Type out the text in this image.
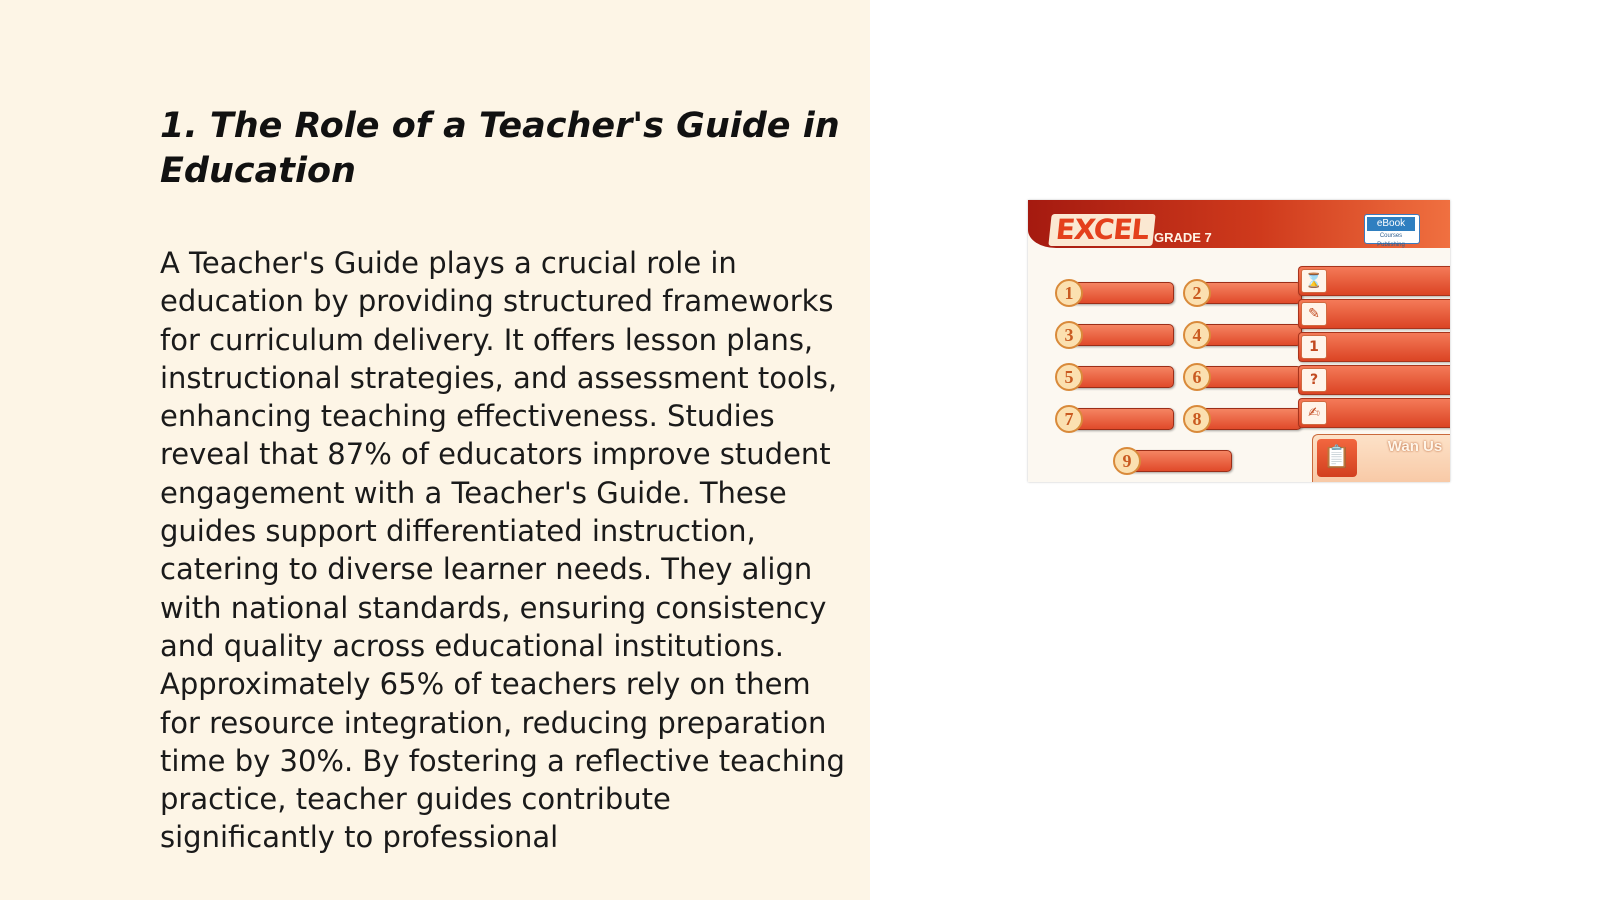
1. The Role of a Teacher's Guide in Education

A Teacher's Guide plays a crucial role in education by providing structured frameworks for curriculum delivery. It offers lesson plans, instructional strategies, and assessment tools, enhancing teaching effectiveness. Studies reveal that 87% of educators improve student engagement with a Teacher's Guide. These guides support differentiated instruction, catering to diverse learner needs. They align with national standards, ensuring consistency and quality across educational institutions. Approximately 65% of teachers rely on them for resource integration, reducing preparation time by 30%. By fostering a reflective teaching practice, teacher guides contribute significantly to professional

EXCEL GRADE 7
eBook
Courses Publishing
1	2
3	4
5	6
7	8
9
⌛
✎
1
?
✍
📋	Wan Us
